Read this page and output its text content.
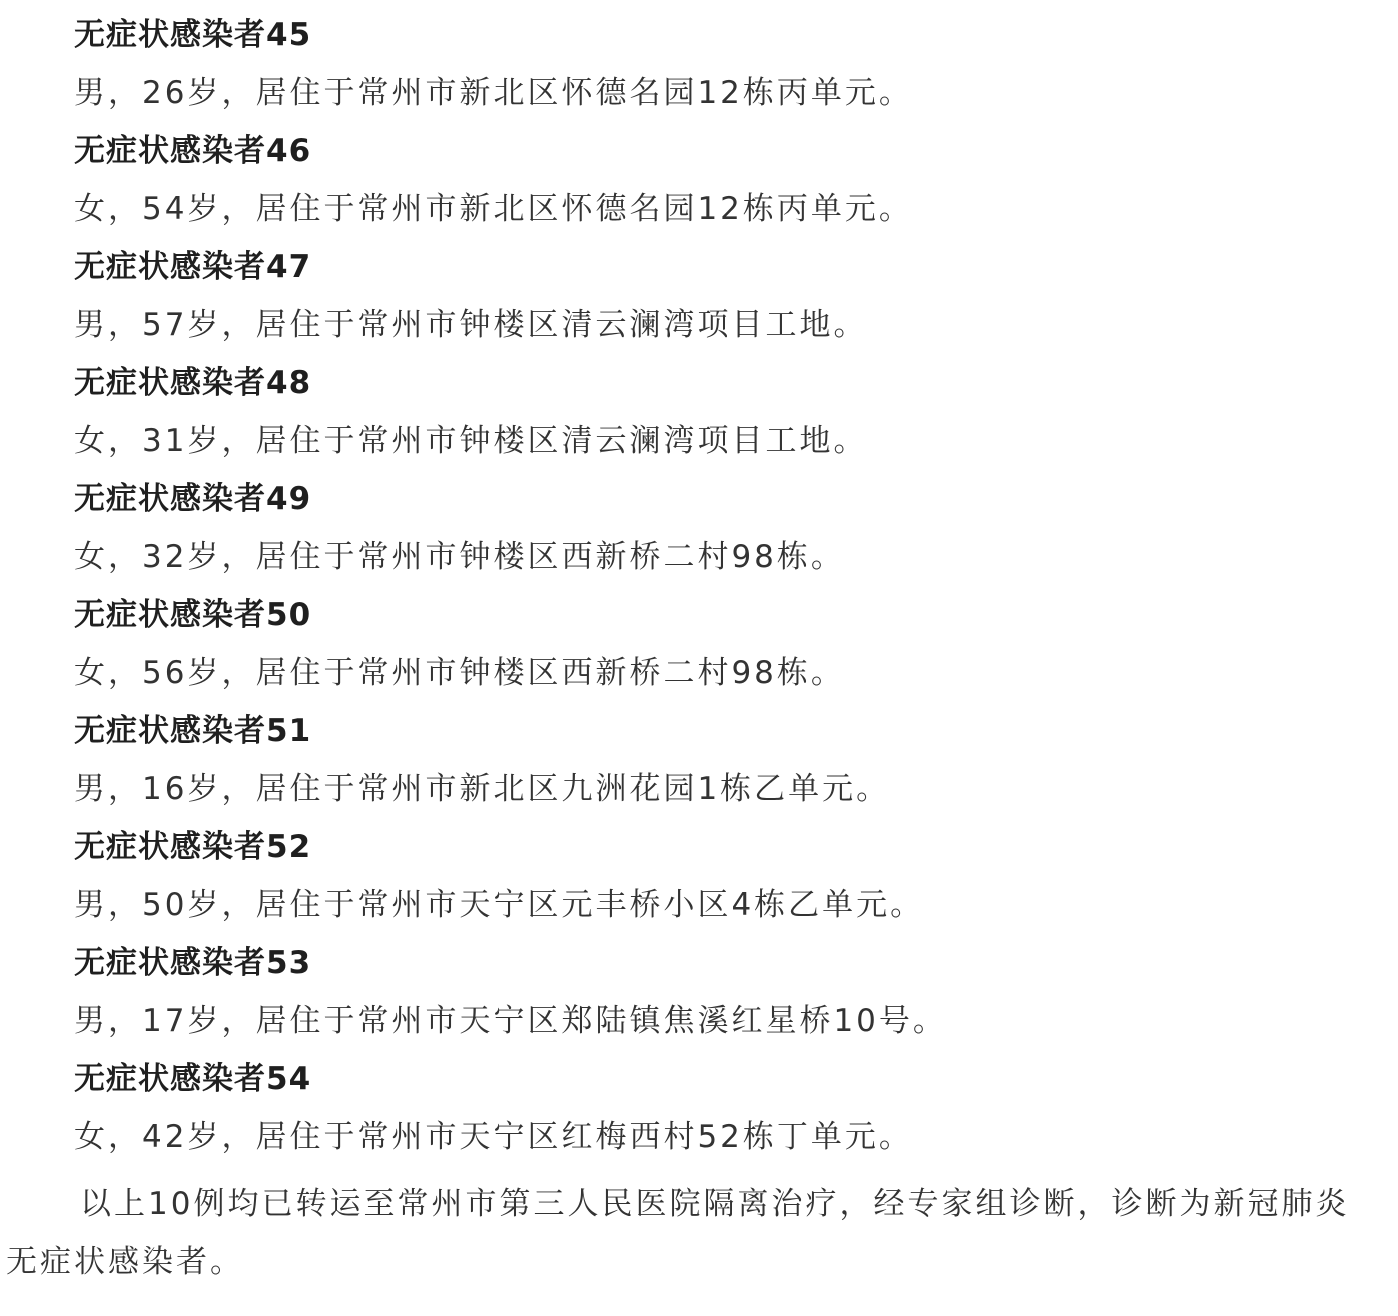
无症状感染者45

男，26岁，居住于常州市新北区怀德名园12栋丙单元。

无症状感染者46

女，54岁，居住于常州市新北区怀德名园12栋丙单元。

无症状感染者47

男，57岁，居住于常州市钟楼区清云澜湾项目工地。

无症状感染者48

女，31岁，居住于常州市钟楼区清云澜湾项目工地。

无症状感染者49

女，32岁，居住于常州市钟楼区西新桥二村98栋。

无症状感染者50

女，56岁，居住于常州市钟楼区西新桥二村98栋。

无症状感染者51

男，16岁，居住于常州市新北区九洲花园1栋乙单元。

无症状感染者52

男，50岁，居住于常州市天宁区元丰桥小区4栋乙单元。

无症状感染者53

男，17岁，居住于常州市天宁区郑陆镇焦溪红星桥10号。

无症状感染者54

女，42岁，居住于常州市天宁区红梅西村52栋丁单元。

以上10例均已转运至常州市第三人民医院隔离治疗，经专家组诊断，诊断为新冠肺炎无症状感染者。
